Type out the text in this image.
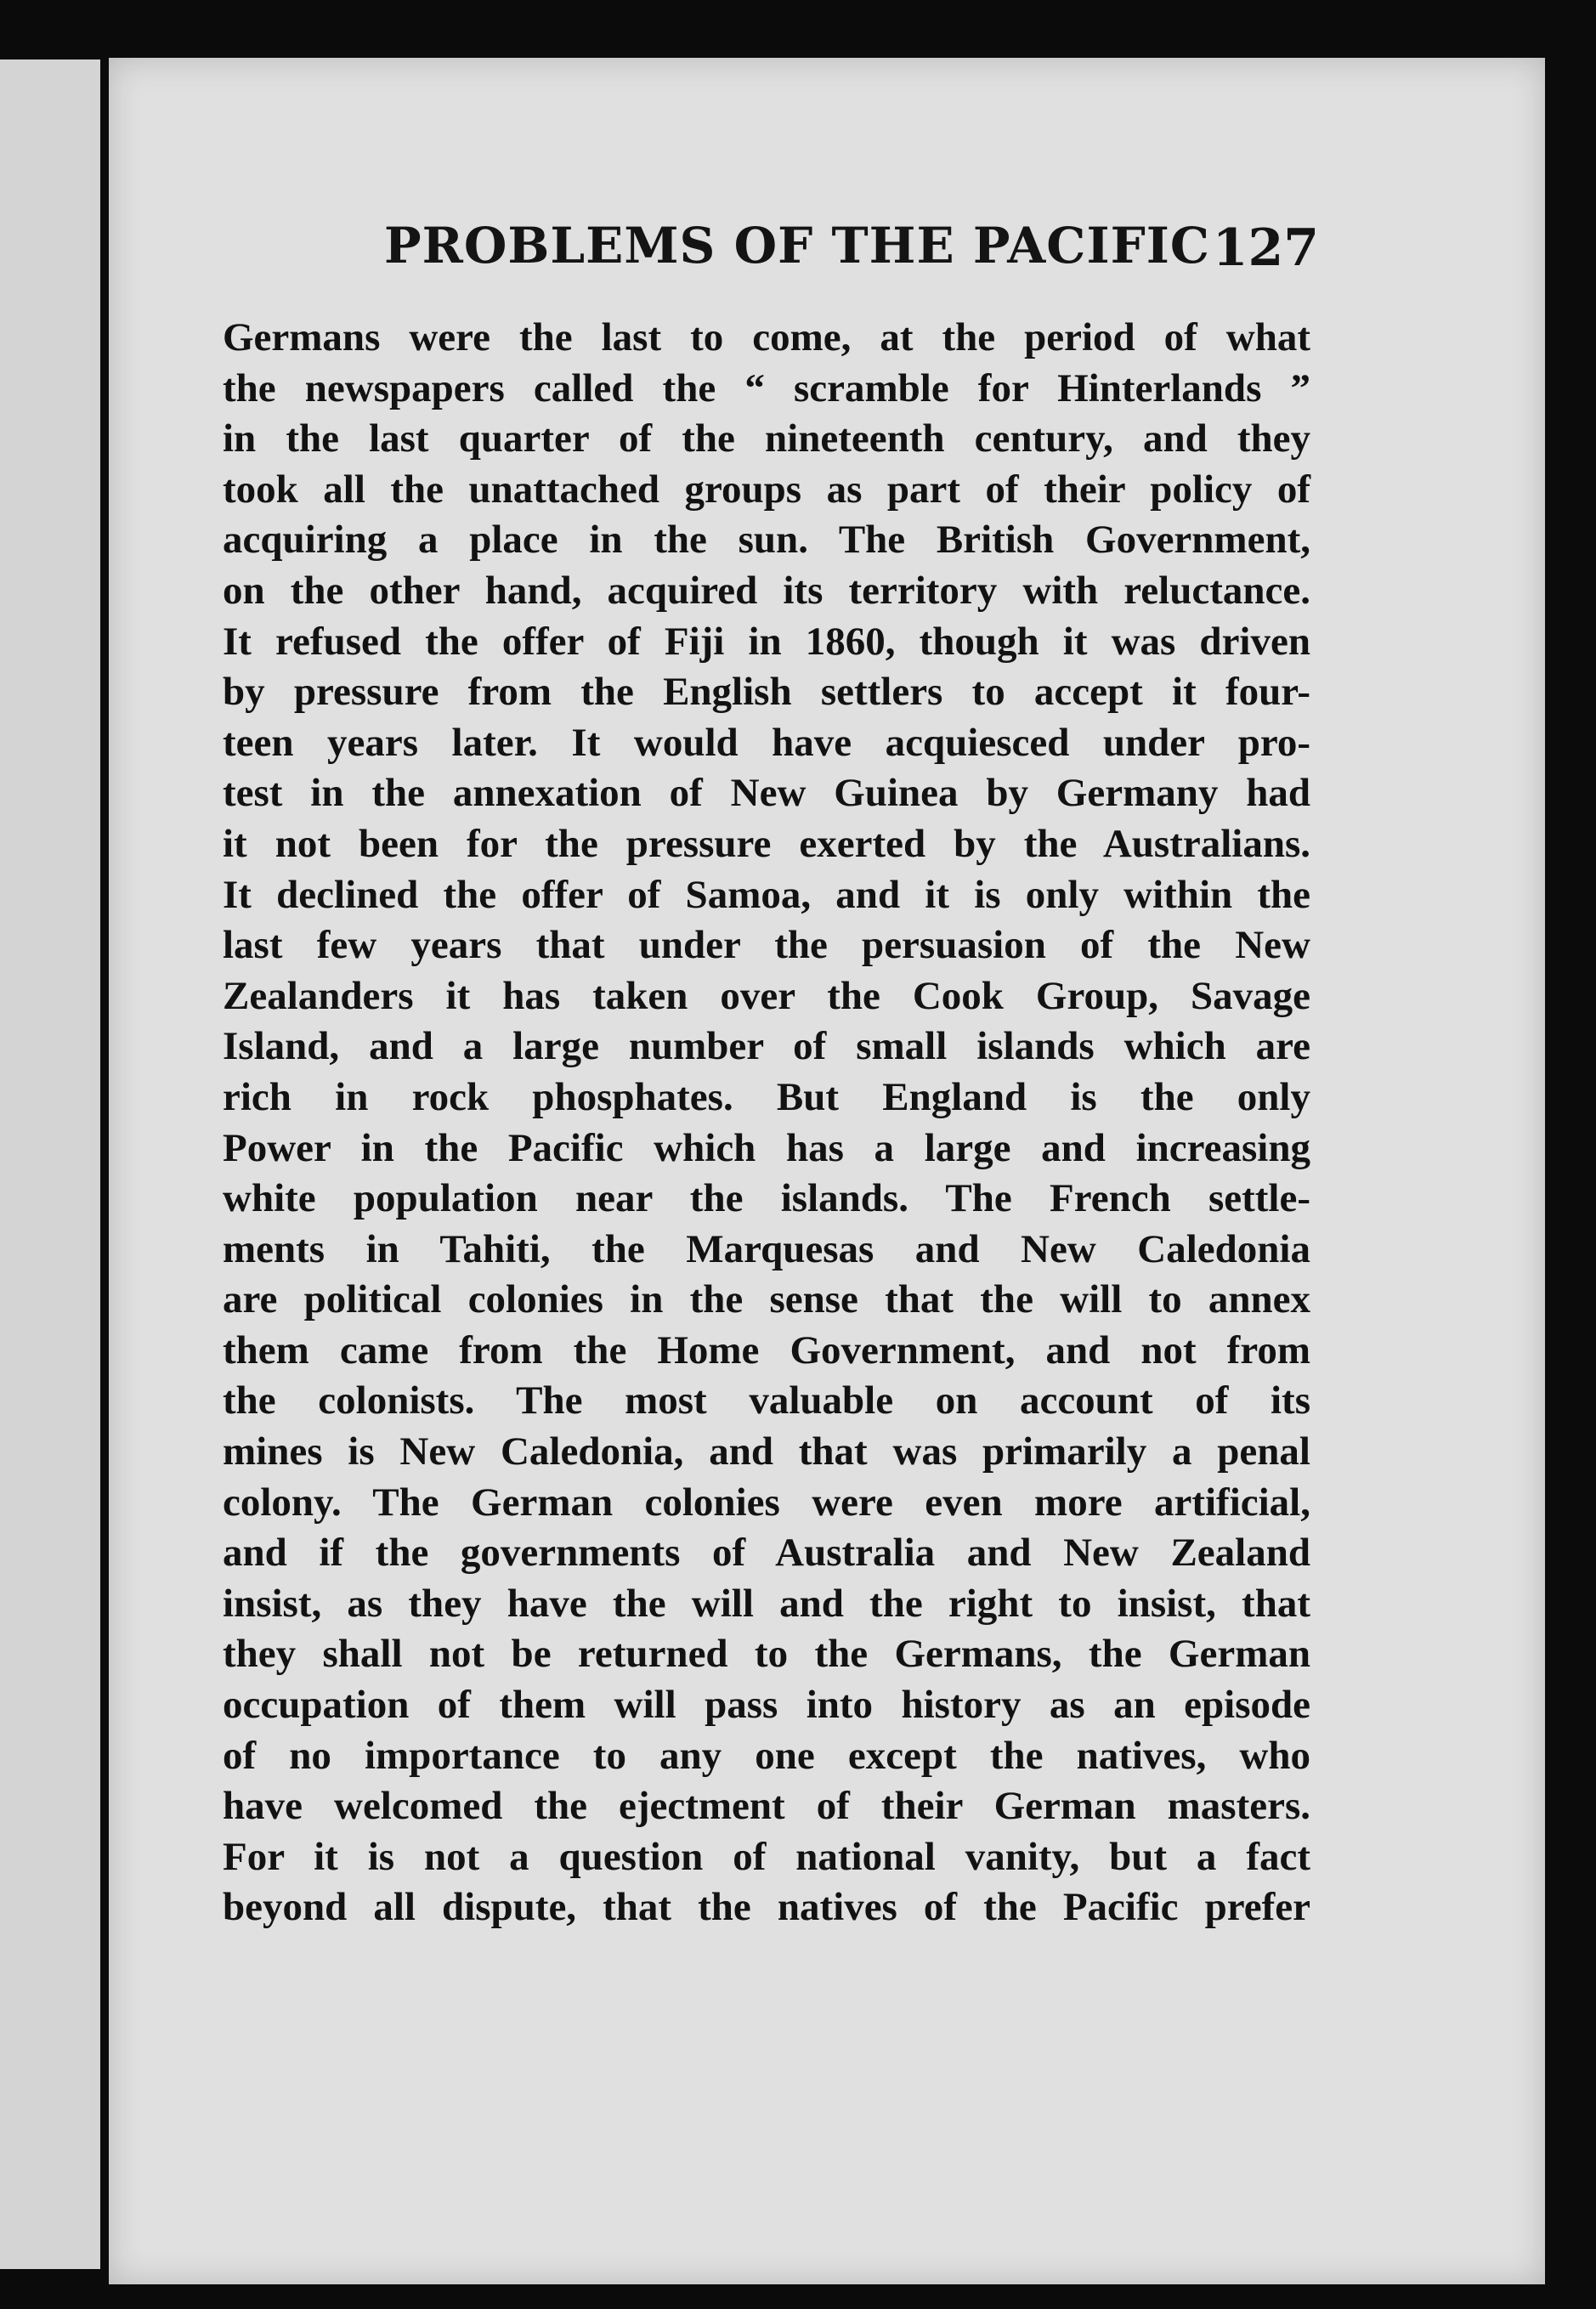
PROBLEMS OF THE PACIFIC 127
Germans were the last to come, at the period of what
the newspapers called the “ scramble for Hinterlands ”
in the last quarter of the nineteenth century, and they
took all the unattached groups as part of their policy of
acquiring a place in the sun. The British Government,
on the other hand, acquired its territory with reluctance.
It refused the offer of Fiji in 1860, though it was driven
by pressure from the English settlers to accept it four-
teen years later. It would have acquiesced under pro-
test in the annexation of New Guinea by Germany had
it not been for the pressure exerted by the Australians.
It declined the offer of Samoa, and it is only within the
last few years that under the persuasion of the New
Zealanders it has taken over the Cook Group, Savage
Island, and a large number of small islands which are
rich in rock phosphates. But England is the only
Power in the Pacific which has a large and increasing
white population near the islands. The French settle-
ments in Tahiti, the Marquesas and New Caledonia
are political colonies in the sense that the will to annex
them came from the Home Government, and not from
the colonists. The most valuable on account of its
mines is New Caledonia, and that was primarily a penal
colony. The German colonies were even more artificial,
and if the governments of Australia and New Zealand
insist, as they have the will and the right to insist, that
they shall not be returned to the Germans, the German
occupation of them will pass into history as an episode
of no importance to any one except the natives, who
have welcomed the ejectment of their German masters.
For it is not a question of national vanity, but a fact
beyond all dispute, that the natives of the Pacific prefer
